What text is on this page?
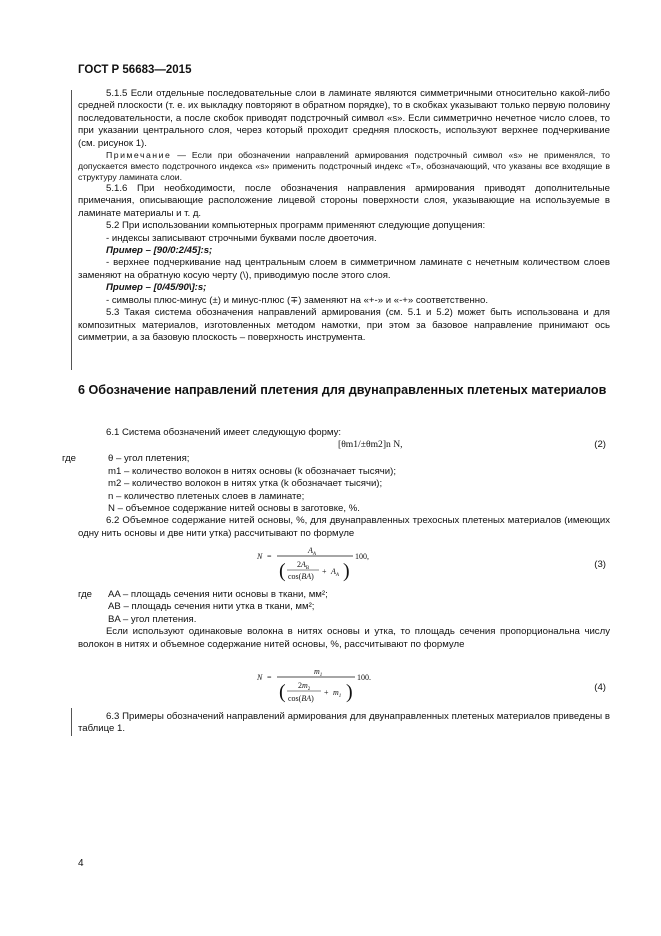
ГОСТ Р 56683—2015

5.1.5 Если отдельные последовательные слои в ламинате являются симметричными относительно какой-либо средней плоскости (т. е. их выкладку повторяют в обратном порядке), то в скобках указывают только первую половину последовательности, а после скобок приводят подстрочный символ «s». Если симметрично нечетное число слоев, то при указании центрального слоя, через который проходит средняя плоскость, используют верхнее подчеркивание (см. рисунок 1).

Примечание — Если при обозначении направлений армирования подстрочный символ «s» не применялся, то допускается вместо подстрочного индекса «s» применить подстрочный индекс «T», обозначающий, что указаны все входящие в структуру ламината слои.

5.1.6 При необходимости, после обозначения направления армирования приводят дополнительные примечания, описывающие расположение лицевой стороны поверхности слоя, указывающие на используемые в ламинате материалы и т. д.

5.2 При использовании компьютерных программ применяют следующие допущения:

- индексы записывают строчными буквами после двоеточия.

Пример – [90/0:2/45]:s;

- верхнее подчеркивание над центральным слоем в симметричном ламинате с нечетным количеством слоев заменяют на обратную косую черту (\), приводимую после этого слоя.

Пример – [0/45/90\]:s;

- символы плюс-минус (±) и минус-плюс (∓) заменяют на «+-» и «-+» соответственно.

5.3 Такая система обозначения направлений армирования (см. 5.1 и 5.2) может быть использована и для композитных материалов, изготовленных методом намотки, при этом за базовое направление принимают ось симметрии, а за базовую плоскость – поверхность инструмента.

6 Обозначение направлений плетения для двунаправленных плетеных материалов

6.1 Система обозначений имеет следующую форму:

[θm1/±θm2]n N,	(2)
где	θ – угол плетения;
m1 – количество волокон в нитях основы (k обозначает тысячи);
m2 – количество волокон в нитях утка (k обозначает тысячи);
n – количество плетеных слоев в ламинате;
N – объемное содержание нитей основы в заготовке, %.

6.2 Объемное содержание нитей основы, %, для двунаправленных трехосных плетеных материалов (имеющих одну нить основы и две нити утка) рассчитывают по формуле

N =
$A_A$
( $2A_B$
cos(BA)
+ $A_A$ )
100,
(3)
где AA – площадь сечения нити основы в ткани, мм²;
AB – площадь сечения нити утка в ткани, мм²;
BA – угол плетения.

Если используют одинаковые волокна в нитях основы и утка, то площадь сечения пропорциональна числу волокон в нитях и объемное содержание нитей основы, %, рассчитывают по формуле

N =
$m_1$
( $2m_2$
cos(BA)
+ $m_1$ )
100.
(4)

6.3 Примеры обозначений направлений армирования для двунаправленных плетеных материалов приведены в таблице 1.

4
